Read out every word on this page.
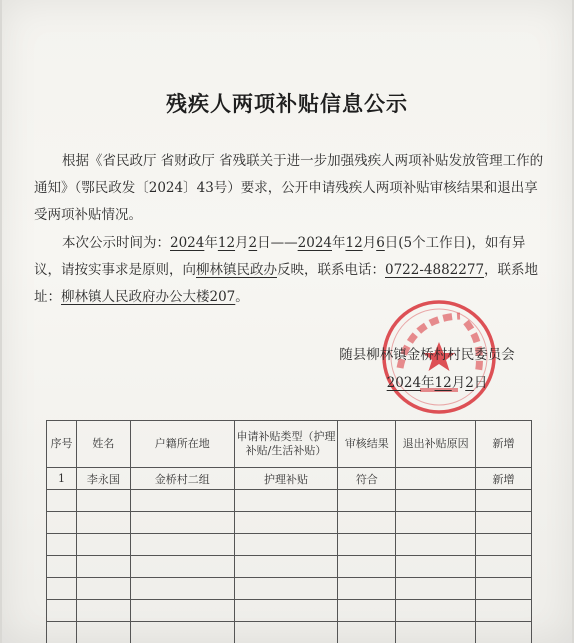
残疾人两项补贴信息公示
根据《省民政厅 省财政厅 省残联关于进一步加强残疾人两项补贴发放管理工作的通知》（鄂民政发〔2024〕43号）要求，公开申请残疾人两项补贴审核结果和退出享受两项补贴情况。
本次公示时间为：2024年12月2日——2024年12月6日(5个工作日)，如有异议，请按实事求是原则，向柳林镇民政办反映，联系电话：0722-4882277，联系地址：柳林镇人民政府办公大楼207。
随县柳林镇金桥村村民委员会
2024年12月2日
序号	姓名	户籍所在地	申请补贴类型（护理补贴/生活补贴）	审核结果	退出补贴原因	新增
1	李永国	金桥村二组	护理补贴	符合		新增
